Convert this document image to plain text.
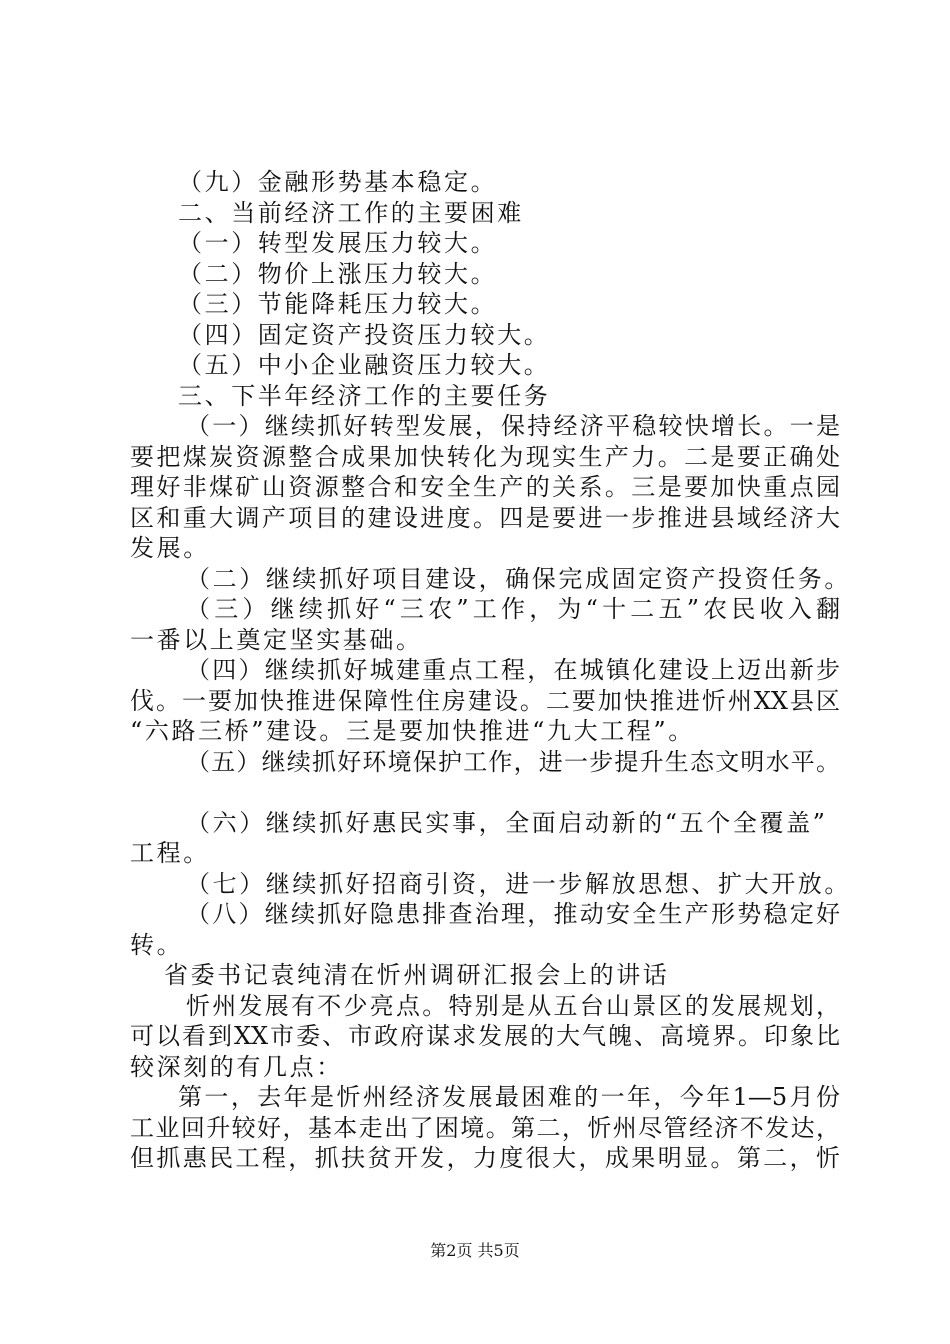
（九）金融形势基本稳定。
二、当前经济工作的主要困难
（一）转型发展压力较大。
（二）物价上涨压力较大。
（三）节能降耗压力较大。
（四）固定资产投资压力较大。
（五）中小企业融资压力较大。
三、下半年经济工作的主要任务
（一）继续抓好转型发展，保持经济平稳较快增长。一是
要把煤炭资源整合成果加快转化为现实生产力。二是要正确处
理好非煤矿山资源整合和安全生产的关系。三是要加快重点园
区和重大调产项目的建设进度。四是要进一步推进县域经济大
发展。
（二）继续抓好项目建设，确保完成固定资产投资任务。
（三）继续抓好“三农”工作，为“十二五”农民收入翻
一番以上奠定坚实基础。
（四）继续抓好城建重点工程，在城镇化建设上迈出新步
伐。一要加快推进保障性住房建设。二要加快推进忻州XX县区
“六路三桥”建设。三是要加快推进“九大工程”。
（五）继续抓好环境保护工作，进一步提升生态文明水平。
（六）继续抓好惠民实事，全面启动新的“五个全覆盖”
工程。
（七）继续抓好招商引资，进一步解放思想、扩大开放。
（八）继续抓好隐患排查治理，推动安全生产形势稳定好
转。
省委书记袁纯清在忻州调研汇报会上的讲话
忻州发展有不少亮点。特别是从五台山景区的发展规划，
可以看到XX市委、市政府谋求发展的大气魄、高境界。印象比
较深刻的有几点：
第一，去年是忻州经济发展最困难的一年，今年1—5月份
工业回升较好，基本走出了困境。第二，忻州尽管经济不发达，
但抓惠民工程，抓扶贫开发，力度很大，成果明显。第二，忻
第2页 共5页
